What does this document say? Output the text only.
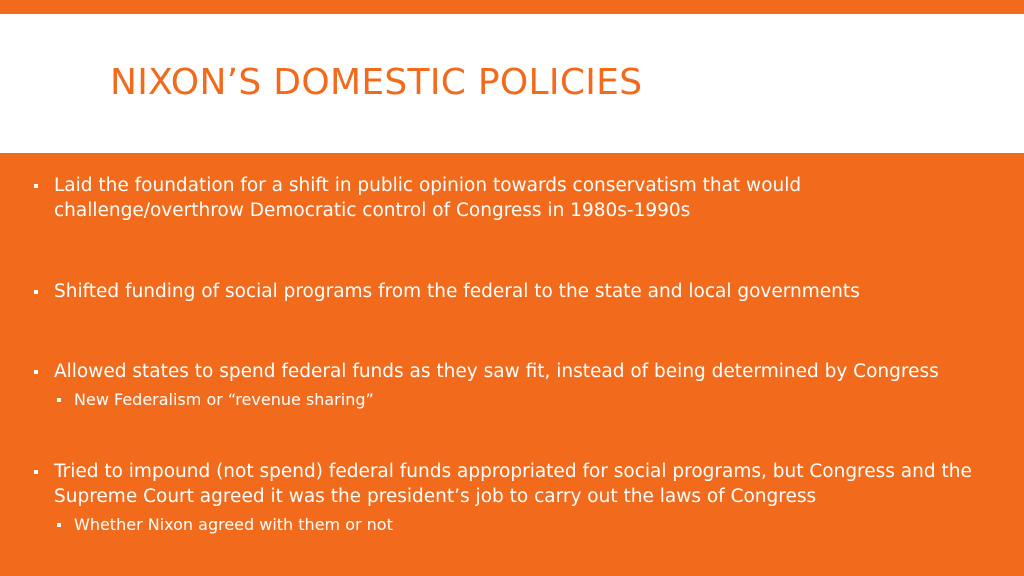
NIXON’S DOMESTIC POLICIES
Laid the foundation for a shift in public opinion towards conservatism that would challenge/overthrow Democratic control of Congress in 1980s-1990s
Shifted funding of social programs from the federal to the state and local governments
Allowed states to spend federal funds as they saw fit, instead of being determined by Congress
New Federalism or “revenue sharing”
Tried to impound (not spend) federal funds appropriated for social programs, but Congress and the Supreme Court agreed it was the president’s job to carry out the laws of Congress
Whether Nixon agreed with them or not
